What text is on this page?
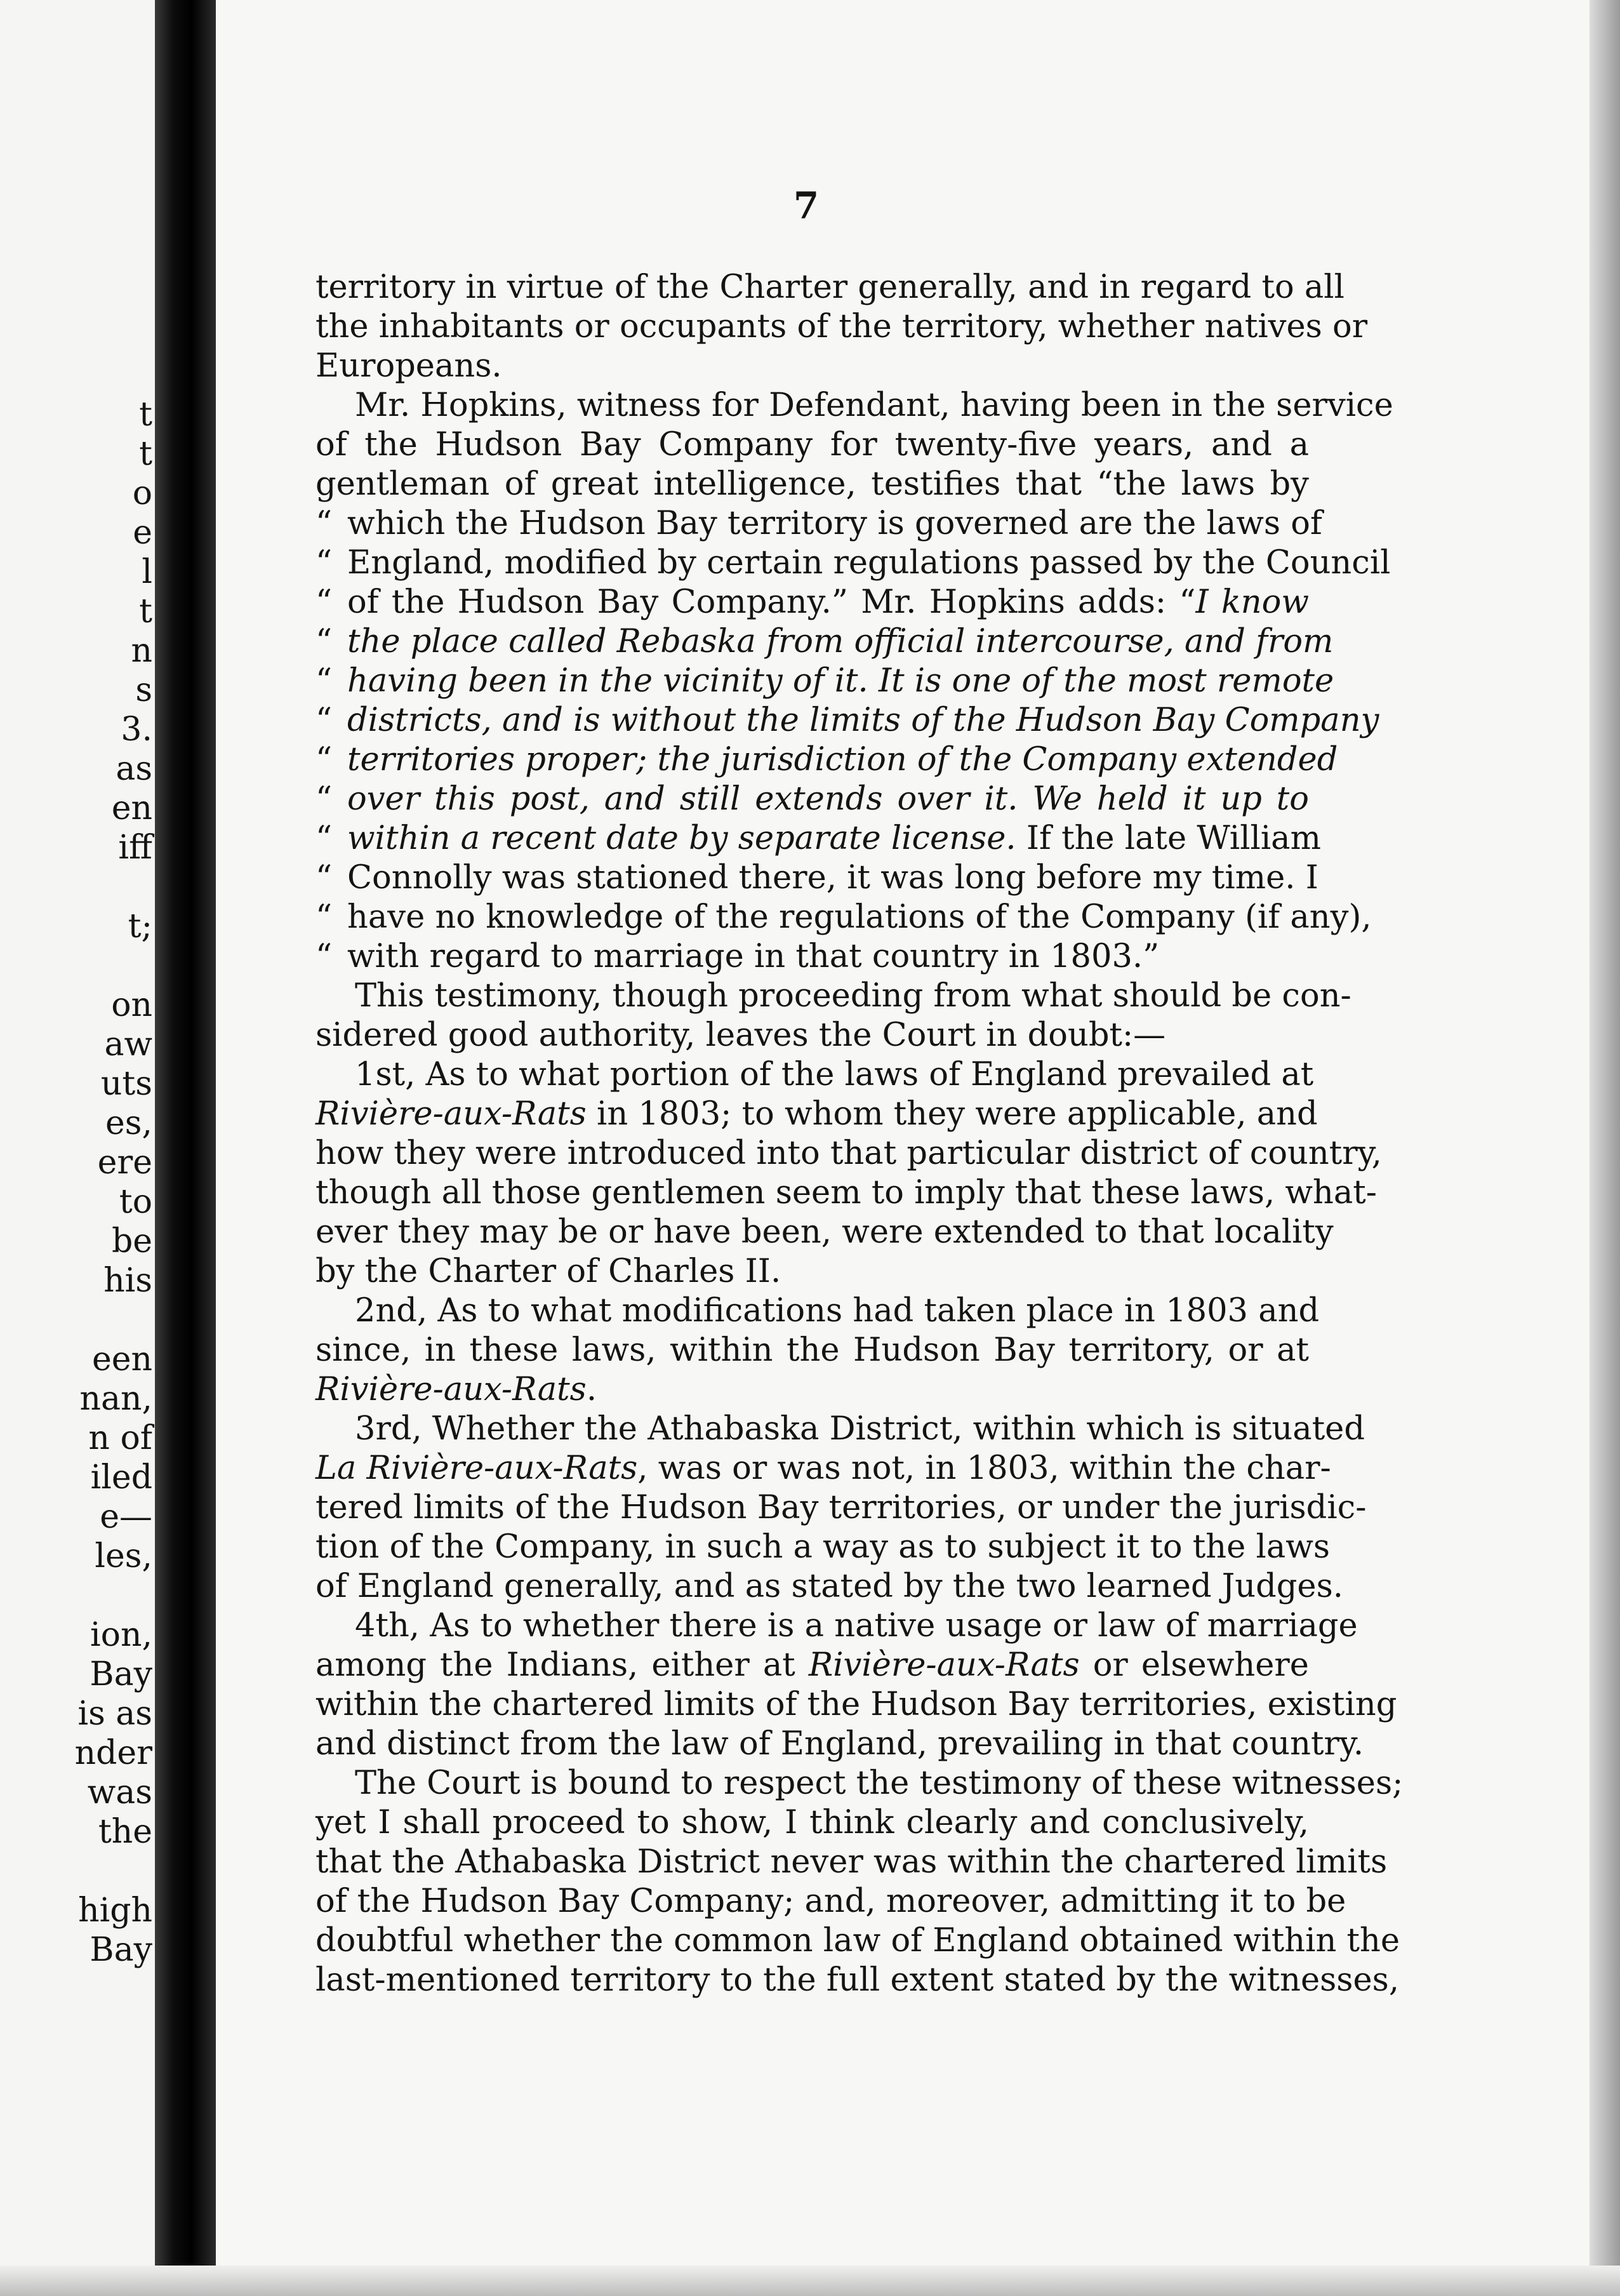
t
t
o
e
l
t
n
s
3.
as
en
iff
t;
on
aw
uts
es,
ere
to
be
his
een
nan,
n of
iled
e—
les,
ion,
Bay
is as
nder
was
the
high
Bay
7
territory in virtue of the Charter generally, and in regard to all
the inhabitants or occupants of the territory, whether natives or
Europeans.
Mr. Hopkins, witness for Defendant, having been in the service
of the Hudson Bay Company for twenty-five years, and a
gentleman of great intelligence, testifies that “the laws by
“ which the Hudson Bay territory is governed are the laws of
“ England, modified by certain regulations passed by the Council
“ of the Hudson Bay Company.” Mr. Hopkins adds: “I know
“ the place called Rebaska from official intercourse, and from
“ having been in the vicinity of it. It is one of the most remote
“ districts, and is without the limits of the Hudson Bay Company
“ territories proper; the jurisdiction of the Company extended
“ over this post, and still extends over it. We held it up to
“ within a recent date by separate license. If the late William
“ Connolly was stationed there, it was long before my time. I
“ have no knowledge of the regulations of the Company (if any),
“ with regard to marriage in that country in 1803.”
This testimony, though proceeding from what should be con-
sidered good authority, leaves the Court in doubt:—
1st, As to what portion of the laws of England prevailed at
Rivière-aux-Rats in 1803; to whom they were applicable, and
how they were introduced into that particular district of country,
though all those gentlemen seem to imply that these laws, what-
ever they may be or have been, were extended to that locality
by the Charter of Charles II.
2nd, As to what modifications had taken place in 1803 and
since, in these laws, within the Hudson Bay territory, or at
Rivière-aux-Rats.
3rd, Whether the Athabaska District, within which is situated
La Rivière-aux-Rats, was or was not, in 1803, within the char-
tered limits of the Hudson Bay territories, or under the jurisdic-
tion of the Company, in such a way as to subject it to the laws
of England generally, and as stated by the two learned Judges.
4th, As to whether there is a native usage or law of marriage
among the Indians, either at Rivière-aux-Rats or elsewhere
within the chartered limits of the Hudson Bay territories, existing
and distinct from the law of England, prevailing in that country.
The Court is bound to respect the testimony of these witnesses;
yet I shall proceed to show, I think clearly and conclusively,
that the Athabaska District never was within the chartered limits
of the Hudson Bay Company; and, moreover, admitting it to be
doubtful whether the common law of England obtained within the
last-mentioned territory to the full extent stated by the witnesses,
